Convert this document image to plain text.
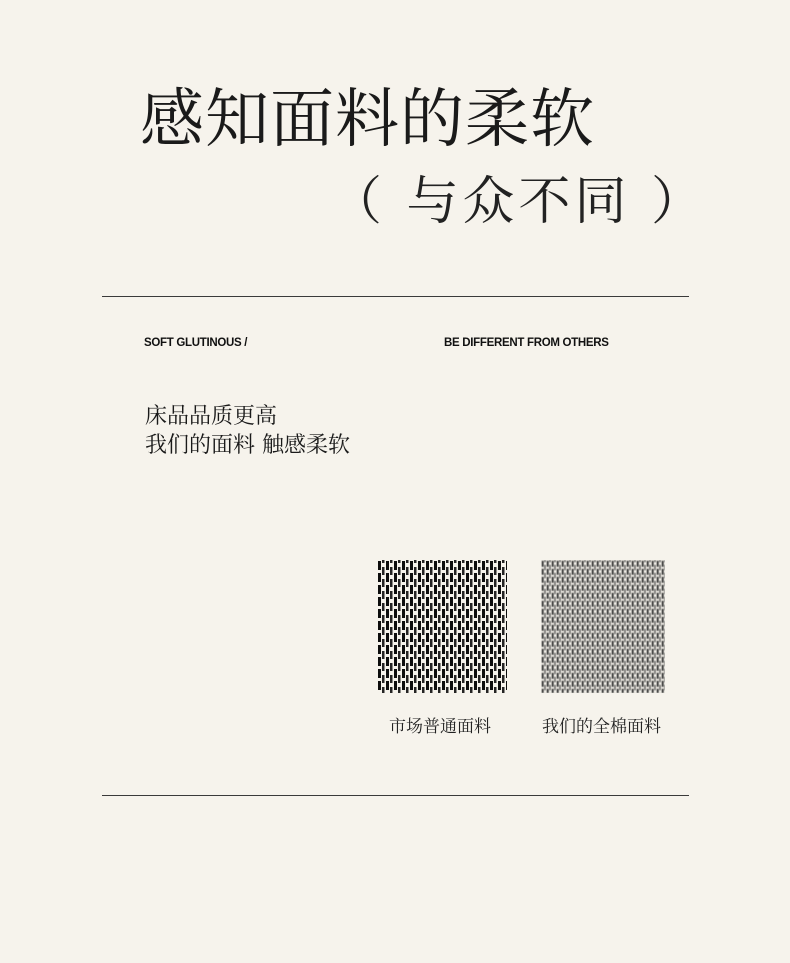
感知面料的柔软
（ 与众不同 ）
SOFT GLUTINOUS /	BE DIFFERENT FROM OTHERS
床品品质更高
我们的面料 触感柔软
市场普通面料	我们的全棉面料
